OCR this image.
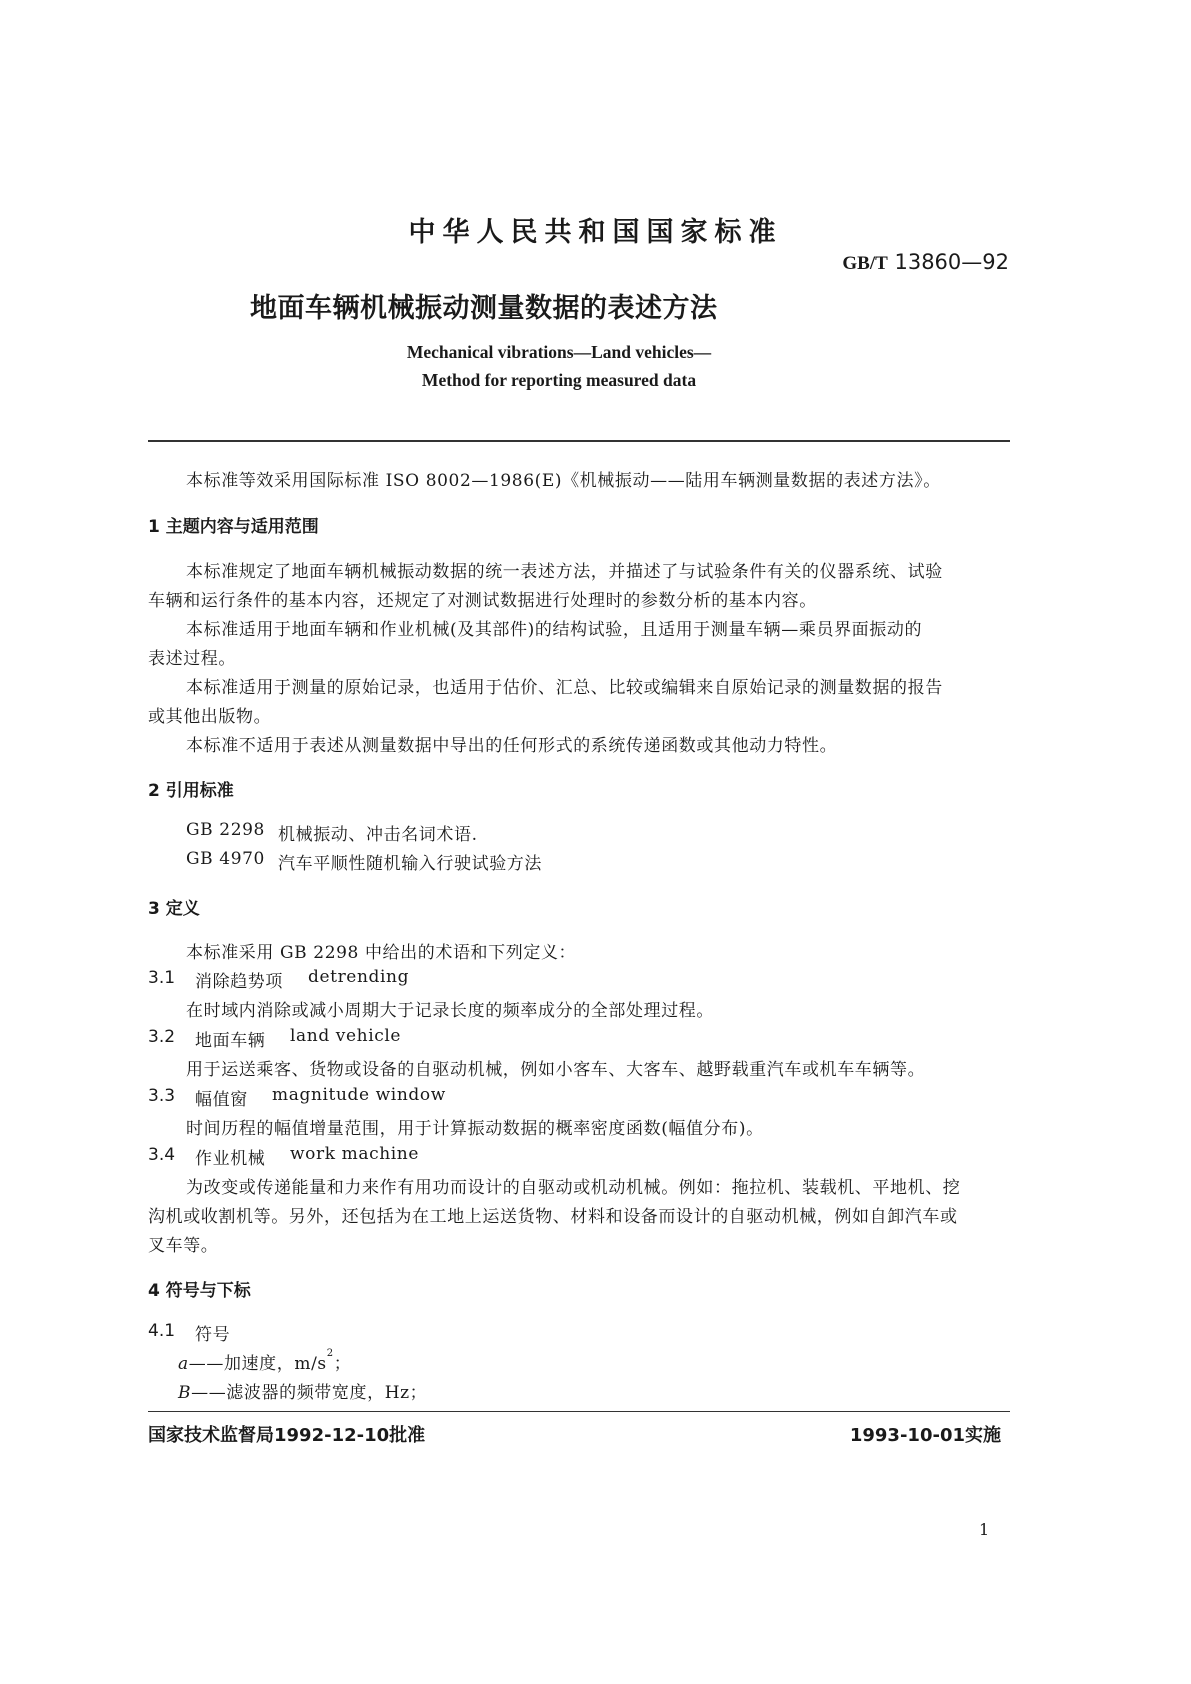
中华人民共和国国家标准
GB/T 13860—92
地面车辆机械振动测量数据的表述方法
Mechanical vibrations—Land vehicles—
Method for reporting measured data
本标准等效采用国际标准 ISO 8002—1986(E)《机械振动——陆用车辆测量数据的表述方法》。
1 主题内容与适用范围
本标准规定了地面车辆机械振动数据的统一表述方法，并描述了与试验条件有关的仪器系统、试验
车辆和运行条件的基本内容，还规定了对测试数据进行处理时的参数分析的基本内容。
本标准适用于地面车辆和作业机械(及其部件)的结构试验，且适用于测量车辆—乘员界面振动的
表述过程。
本标准适用于测量的原始记录，也适用于估价、汇总、比较或编辑来自原始记录的测量数据的报告
或其他出版物。
本标准不适用于表述从测量数据中导出的任何形式的系统传递函数或其他动力特性。
2 引用标准
GB 2298 机械振动、冲击名词术语.
GB 4970 汽车平顺性随机输入行驶试验方法
3 定义
本标准采用 GB 2298 中给出的术语和下列定义：
3.1 消除趋势项 detrending
在时域内消除或减小周期大于记录长度的频率成分的全部处理过程。
3.2 地面车辆 land vehicle
用于运送乘客、货物或设备的自驱动机械，例如小客车、大客车、越野载重汽车或机车车辆等。
3.3 幅值窗 magnitude window
时间历程的幅值增量范围，用于计算振动数据的概率密度函数(幅值分布)。
3.4 作业机械 work machine
为改变或传递能量和力来作有用功而设计的自驱动或机动机械。例如：拖拉机、装载机、平地机、挖
沟机或收割机等。另外，还包括为在工地上运送货物、材料和设备而设计的自驱动机械，例如自卸汽车或
叉车等。
4 符号与下标
4.1 符号
a——加速度，$m/s^2$；
B——滤波器的频带宽度，Hz；
国家技术监督局1992-12-10批准	1993-10-01实施
1
